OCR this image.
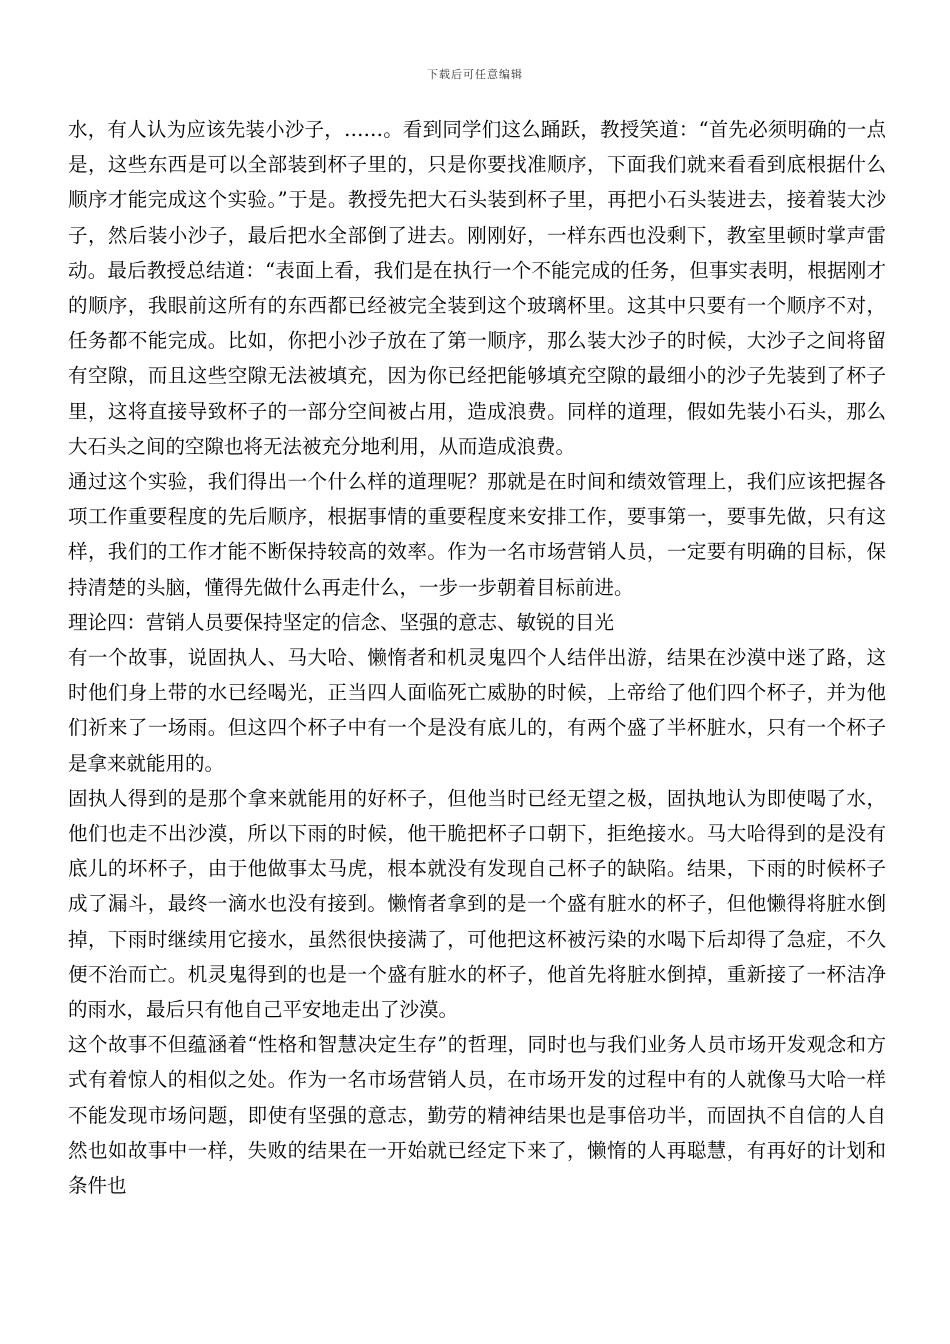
下载后可任意编辑

水，有人认为应该先装小沙子，……。看到同学们这么踊跃，教授笑道：“首先必须明确的一点是，这些东西是可以全部装到杯子里的，只是你要找准顺序，下面我们就来看看到底根据什么顺序才能完成这个实验。”于是。教授先把大石头装到杯子里，再把小石头装进去，接着装大沙子，然后装小沙子，最后把水全部倒了进去。刚刚好，一样东西也没剩下，教室里顿时掌声雷动。最后教授总结道：“表面上看，我们是在执行一个不能完成的任务，但事实表明，根据刚才的顺序，我眼前这所有的东西都已经被完全装到这个玻璃杯里。这其中只要有一个顺序不对，任务都不能完成。比如，你把小沙子放在了第一顺序，那么装大沙子的时候，大沙子之间将留有空隙，而且这些空隙无法被填充，因为你已经把能够填充空隙的最细小的沙子先装到了杯子里，这将直接导致杯子的一部分空间被占用，造成浪费。同样的道理，假如先装小石头，那么大石头之间的空隙也将无法被充分地利用，从而造成浪费。

通过这个实验，我们得出一个什么样的道理呢？那就是在时间和绩效管理上，我们应该把握各项工作重要程度的先后顺序，根据事情的重要程度来安排工作，要事第一，要事先做，只有这样，我们的工作才能不断保持较高的效率。作为一名市场营销人员，一定要有明确的目标，保持清楚的头脑，懂得先做什么再走什么，一步一步朝着目标前进。

理论四：营销人员要保持坚定的信念、坚强的意志、敏锐的目光

有一个故事，说固执人、马大哈、懒惰者和机灵鬼四个人结伴出游，结果在沙漠中迷了路，这时他们身上带的水已经喝光，正当四人面临死亡威胁的时候，上帝给了他们四个杯子，并为他们祈来了一场雨。但这四个杯子中有一个是没有底儿的，有两个盛了半杯脏水，只有一个杯子是拿来就能用的。

固执人得到的是那个拿来就能用的好杯子，但他当时已经无望之极，固执地认为即使喝了水，他们也走不出沙漠，所以下雨的时候，他干脆把杯子口朝下，拒绝接水。马大哈得到的是没有底儿的坏杯子，由于他做事太马虎，根本就没有发现自己杯子的缺陷。结果，下雨的时候杯子成了漏斗，最终一滴水也没有接到。懒惰者拿到的是一个盛有脏水的杯子，但他懒得将脏水倒掉，下雨时继续用它接水，虽然很快接满了，可他把这杯被污染的水喝下后却得了急症，不久便不治而亡。机灵鬼得到的也是一个盛有脏水的杯子，他首先将脏水倒掉，重新接了一杯洁净的雨水，最后只有他自己平安地走出了沙漠。

这个故事不但蕴涵着“性格和智慧决定生存”的哲理，同时也与我们业务人员市场开发观念和方式有着惊人的相似之处。作为一名市场营销人员，在市场开发的过程中有的人就像马大哈一样不能发现市场问题，即使有坚强的意志，勤劳的精神结果也是事倍功半，而固执不自信的人自然也如故事中一样，失败的结果在一开始就已经定下来了，懒惰的人再聪慧，有再好的计划和条件也
